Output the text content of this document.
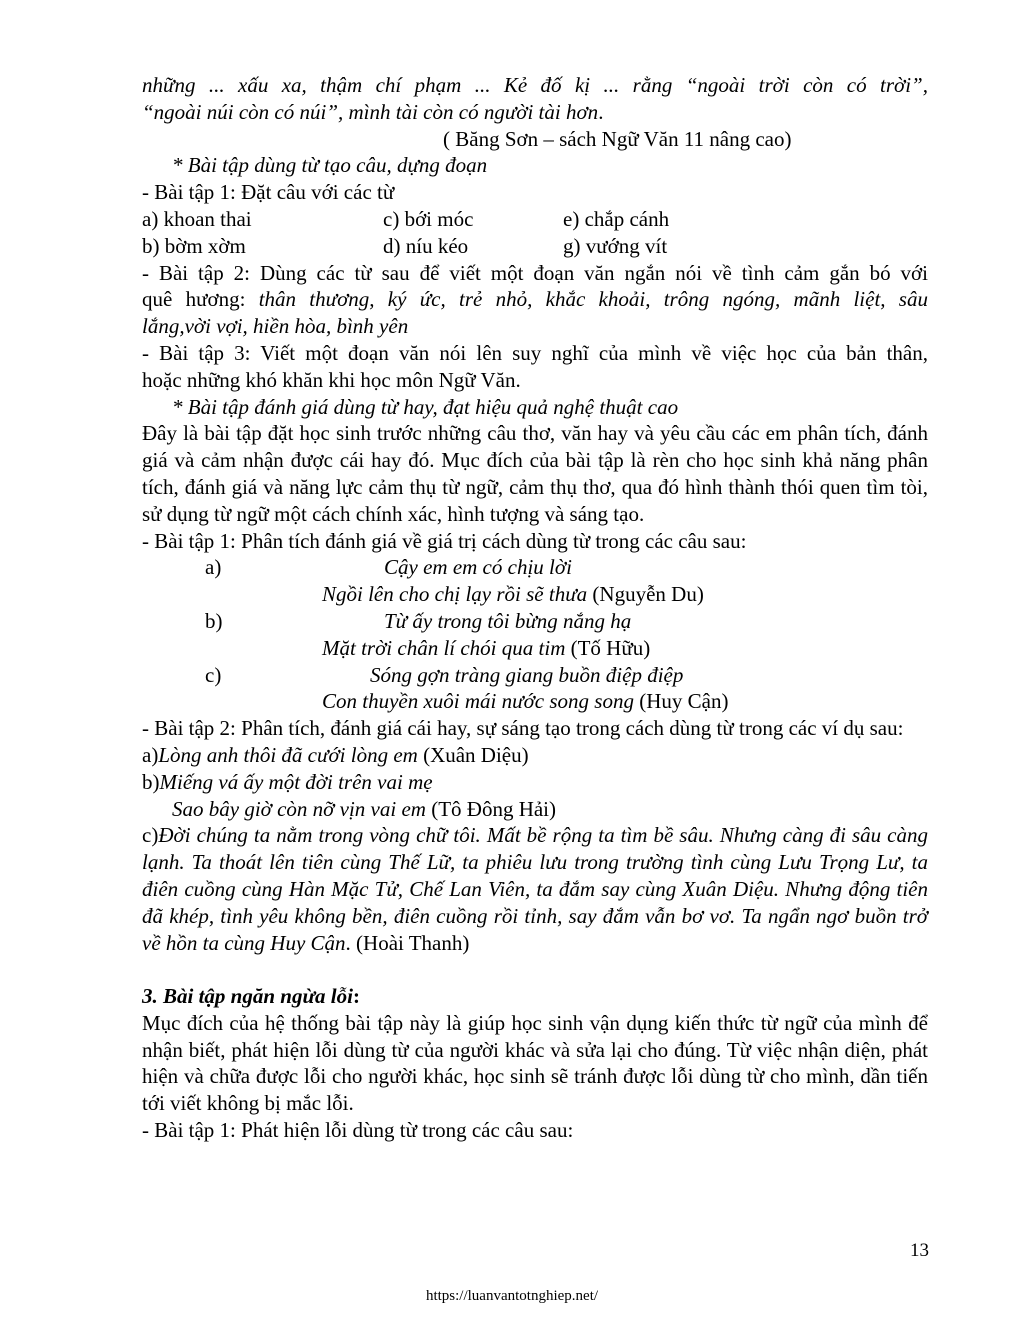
những ... xấu xa, thậm chí phạm ... Kẻ đố kị ... rằng “ngoài trời còn có trời”,

“ngoài núi còn có núi”, mình tài còn có người tài hơn.

( Băng Sơn – sách Ngữ Văn 11 nâng cao)

* Bài tập dùng từ tạo câu, dựng đoạn

- Bài tập 1: Đặt câu với các từ

a) khoan thai	c) bới móc	e) chắp cánh
b) bờm xờm	d) níu kéo	g) vướng vít

- Bài tập 2: Dùng các từ sau để viết một đoạn văn ngắn nói về tình cảm gắn bó với

quê hương: thân thương, ký ức, trẻ nhỏ, khắc khoải, trông ngóng, mãnh liệt, sâu

lắng,vời vợi, hiền hòa, bình yên

- Bài tập 3: Viết một đoạn văn nói lên suy nghĩ của mình về việc học của bản thân,

hoặc những khó khăn khi học môn Ngữ Văn.

* Bài tập đánh giá dùng từ hay, đạt hiệu quả nghệ thuật cao

Đây là bài tập đặt học sinh trước những câu thơ, văn hay và yêu cầu các em phân tích, đánh giá và cảm nhận được cái hay đó. Mục đích của bài tập là rèn cho học sinh khả năng phân tích, đánh giá và năng lực cảm thụ từ ngữ, cảm thụ thơ, qua đó hình thành thói quen tìm tòi, sử dụng từ ngữ một cách chính xác, hình tượng và sáng tạo.

- Bài tập 1: Phân tích đánh giá về giá trị cách dùng từ trong các câu sau:

a)	Cậy em em có chịu lời
Ngồi lên cho chị lạy rồi sẽ thưa (Nguyễn Du)
b)	Từ ấy trong tôi bừng nắng hạ
Mặt trời chân lí chói qua tim (Tố Hữu)
c)	Sóng gợn tràng giang buồn điệp điệp
Con thuyền xuôi mái nước song song (Huy Cận)

- Bài tập 2: Phân tích, đánh giá cái hay, sự sáng tạo trong cách dùng từ trong các ví dụ sau:

a)Lòng anh thôi đã cưới lòng em (Xuân Diệu)

b)Miếng vá ấy một đời trên vai mẹ

Sao bây giờ còn nỡ vịn vai em (Tô Đông Hải)

c)Đời chúng ta nằm trong vòng chữ tôi. Mất bề rộng ta tìm bề sâu. Nhưng càng đi sâu càng lạnh. Ta thoát lên tiên cùng Thế Lữ, ta phiêu lưu trong trường tình cùng Lưu Trọng Lư, ta điên cuồng cùng Hàn Mặc Tử, Chế Lan Viên, ta đắm say cùng Xuân Diệu. Nhưng động tiên đã khép, tình yêu không bền, điên cuồng rồi tỉnh, say đắm vẫn bơ vơ. Ta ngẩn ngơ buồn trở về hồn ta cùng Huy Cận. (Hoài Thanh)

3. Bài tập ngăn ngừa lỗi:

Mục đích của hệ thống bài tập này là giúp học sinh vận dụng kiến thức từ ngữ của mình để nhận biết, phát hiện lỗi dùng từ của người khác và sửa lại cho đúng. Từ việc nhận diện, phát hiện và chữa được lỗi cho người khác, học sinh sẽ tránh được lỗi dùng từ cho mình, dần tiến tới viết không bị mắc lỗi.

- Bài tập 1: Phát hiện lỗi dùng từ trong các câu sau:

13
https://luanvantotnghiep.net/
